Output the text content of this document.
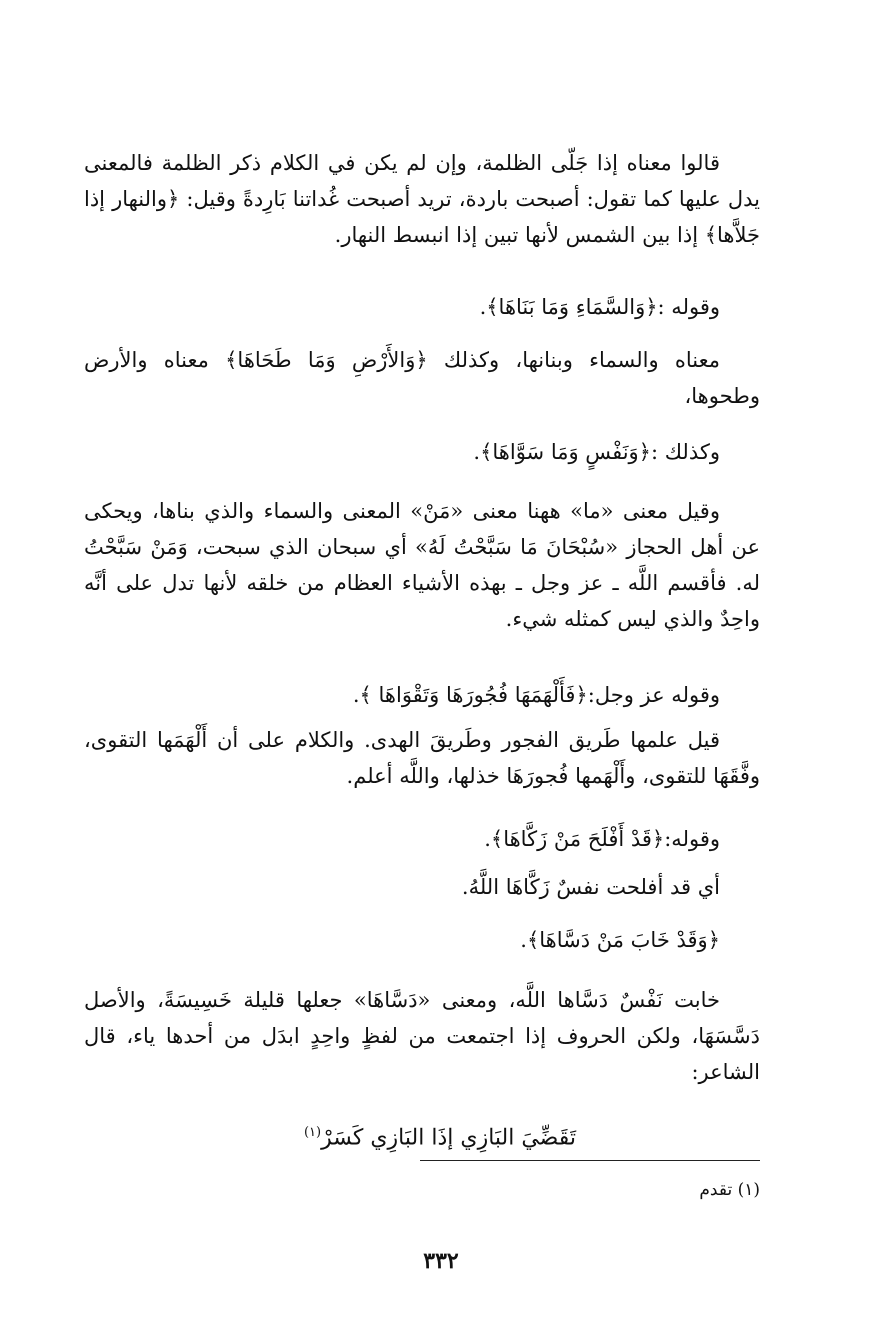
قالوا معناه إذا جَلّى الظلمة، وإن لم يكن في الكلام ذكر الظلمة فالمعنى يدل عليها كما تقول: أصبحت باردة، تريد أصبحت غُداتنا بَارِدةً وقيل: ﴿والنهار إذا جَلاَّها﴾ إذا بين الشمس لأنها تبين إذا انبسط النهار.
وقوله :﴿وَالسَّمَاءِ وَمَا بَنَاهَا﴾.
معناه والسماء وبنانها، وكذلك ﴿وَالأَرْضِ وَمَا طَحَاهَا﴾ معناه والأرض وطحوها،
وكذلك :﴿وَنَفْسٍ وَمَا سَوَّاهَا﴾.
وقيل معنى «ما» ههنا معنى «مَنْ» المعنى والسماء والذي بناها، ويحكى عن أهل الحجاز «سُبْحَانَ مَا سَبَّحْتُ لَهُ» أي سبحان الذي سبحت، وَمَنْ سَبَّحْتُ له. فأقسم اللَّه ـ عز وجل ـ بهذه الأشياء العظام من خلقه لأنها تدل على أنَّه واحِدٌ والذي ليس كمثله شيء.
وقوله عز وجل:﴿فَأَلْهَمَهَا فُجُورَهَا وَتَقْوَاهَا ﴾.
قيل علمها طَريق الفجور وطَريقَ الهدى. والكلام على أن أَلْهَمَها التقوى، وفَّقَهَا للتقوى، وأَلْهَمها فُجورَهَا خذلها، واللَّه أعلم.
وقوله:﴿قَدْ أَفْلَحَ مَنْ زَكَّاهَا﴾.
أي قد أفلحت نفسٌ زَكَّاهَا اللَّهُ.
﴿وَقَدْ خَابَ مَنْ دَسَّاهَا﴾.
خابت نَفْسٌ دَسَّاها اللَّه، ومعنى «دَسَّاهَا» جعلها قليلة خَسِيسَةً، والأصل دَسَّسَهَا، ولكن الحروف إذا اجتمعت من لفظٍ واحِدٍ ابدَل من أحدها ياء، قال الشاعر:
تَقَضِّيَ البَازِي إذَا البَازِي كَسَرْ$^{(١)}$
(١) تقدم
٣٣٢
